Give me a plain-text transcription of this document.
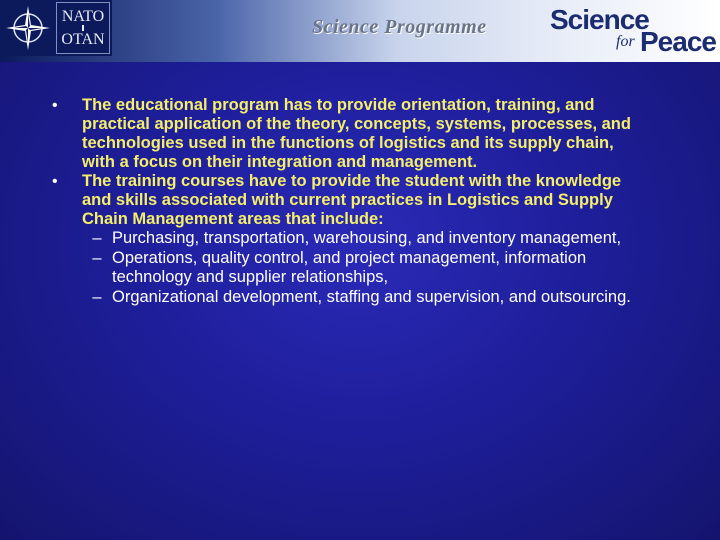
NATO
OTAN
Science Programme Science
for Peace
•	The educational program has to provide orientation, training, and practical application of the theory, concepts, systems, processes, and technologies used in the functions of logistics and its supply chain, with a focus on their integration and management.
•	The training courses have to provide the student with the knowledge and skills associated with current practices in Logistics and Supply Chain Management areas that include:
– Purchasing, transportation, warehousing, and inventory management,
– Operations, quality control, and project management, information technology and supplier relationships,
– Organizational development, staffing and supervision, and outsourcing.
